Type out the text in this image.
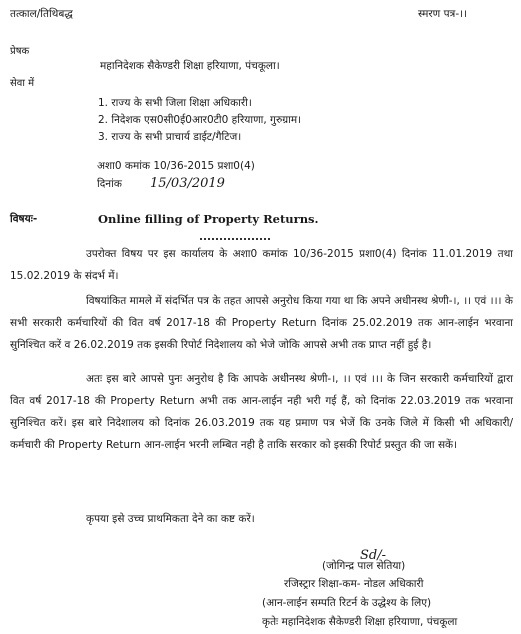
तत्काल/तिथिबद्ध	स्मरण पत्र-।।
प्रेषक
महानिदेशक सैकेण्डरी शिक्षा हरियाणा, पंचकूला।
सेवा में
1. राज्य के सभी जिला शिक्षा अधिकारी।
2. निदेशक एस0सी0ई0आर0टी0 हरियाणा, गुरुग्राम।
3. राज्य के सभी प्राचार्य डाईट/गैटिज।
अशा0 कमांक 10/36-2015 प्रशा0(4)
दिनांक 15/03/2019
विषयः-	Online filling of Property Returns.
उपरोक्त विषय पर इस कार्यालय के अशा0 कमांक 10/36-2015 प्रशा0(4) दिनांक 11.01.2019 तथा 15.02.2019 के संदर्भ में।
विषयांकित मामले में संदर्भित पत्र के तहत आपसे अनुरोध किया गया था कि अपने अधीनस्थ श्रेणी-।, ।। एवं ।।। के सभी सरकारी कर्मचारियों की वित वर्ष 2017-18 की Property Return दिनांक 25.02.2019 तक आन-लाईन भरवाना सुनिश्चित करें व 26.02.2019 तक इसकी रिपोर्ट निदेशालय को भेजे जोकि आपसे अभी तक प्राप्त नहीं हुई है।
अतः इस बारे आपसे पुनः अनुरोध है कि आपके अधीनस्थ श्रेणी-।, ।। एवं ।।। के जिन सरकारी कर्मचारियों द्वारा वित वर्ष 2017-18 की Property Return अभी तक आन-लाईन नही भरी गई हैं, को दिनांक 22.03.2019 तक भरवाना सुनिश्चित करें। इस बारे निदेशालय को दिनांक 26.03.2019 तक यह प्रमाण पत्र भेजें कि उनके जिले में किसी भी अधिकारी/कर्मचारी की Property Return आन-लाईन भरनी लम्बित नही है ताकि सरकार को इसकी रिपोर्ट प्रस्तुत की जा सकें।
कृपया इसे उच्च प्राथमिकता देने का कष्ट करें।
Sd/-
(जोगिन्द्र पाल सेतिया)
रजिस्ट्रार शिक्षा-कम- नोडल अधिकारी
(आन-लाईन सम्पति रिटर्न के उद्धेश्य के लिए)
कृतेः महानिदेशक सैकेण्डरी शिक्षा हरियाणा, पंचकूला
